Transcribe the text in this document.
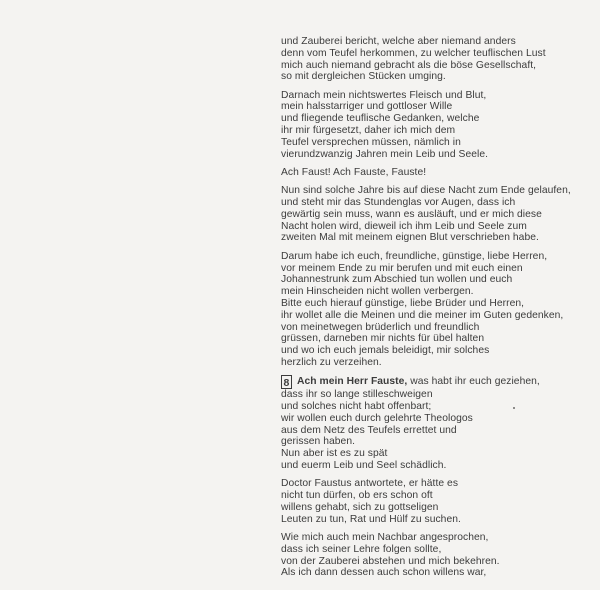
und Zauberei bericht, welche aber niemand anders
denn vom Teufel herkommen, zu welcher teuflischen Lust
mich auch niemand gebracht als die böse Gesellschaft,
so mit dergleichen Stücken umging.
Darnach mein nichtswertes Fleisch und Blut,
mein halsstarriger und gottloser Wille
und fliegende teuflische Gedanken, welche
ihr mir fürgesetzt, daher ich mich dem
Teufel versprechen müssen, nämlich in
vierundzwanzig Jahren mein Leib und Seele.
Ach Faust! Ach Fauste, Fauste!
Nun sind solche Jahre bis auf diese Nacht zum Ende gelaufen,
und steht mir das Stundenglas vor Augen, dass ich
gewärtig sein muss, wann es ausläuft, und er mich diese
Nacht holen wird, dieweil ich ihm Leib und Seele zum
zweiten Mal mit meinem eignen Blut verschrieben habe.
Darum habe ich euch, freundliche, günstige, liebe Herren,
vor meinem Ende zu mir berufen und mit euch einen
Johannestrunk zum Abschied tun wollen und euch
mein Hinscheiden nicht wollen verbergen.
Bitte euch hierauf günstige, liebe Brüder und Herren,
ihr wollet alle die Meinen und die meiner im Guten gedenken,
von meinetwegen brüderlich und freundlich
grüssen, darneben mir nichts für übel halten
und wo ich euch jemals beleidigt, mir solches
herzlich zu verzeihen.
8 Ach mein Herr Fauste, was habt ihr euch geziehen,
dass ihr so lange stilleschweigen
und solches nicht habt offenbart;
wir wollen euch durch gelehrte Theologos
aus dem Netz des Teufels errettet und
gerissen haben.
Nun aber ist es zu spät
und euerm Leib und Seel schädlich.
Doctor Faustus antwortete, er hätte es
nicht tun dürfen, ob ers schon oft
willens gehabt, sich zu gottseligen
Leuten zu tun, Rat und Hülf zu suchen.
Wie mich auch mein Nachbar angesprochen,
dass ich seiner Lehre folgen sollte,
von der Zauberei abstehen und mich bekehren.
Als ich dann dessen auch schon willens war,
